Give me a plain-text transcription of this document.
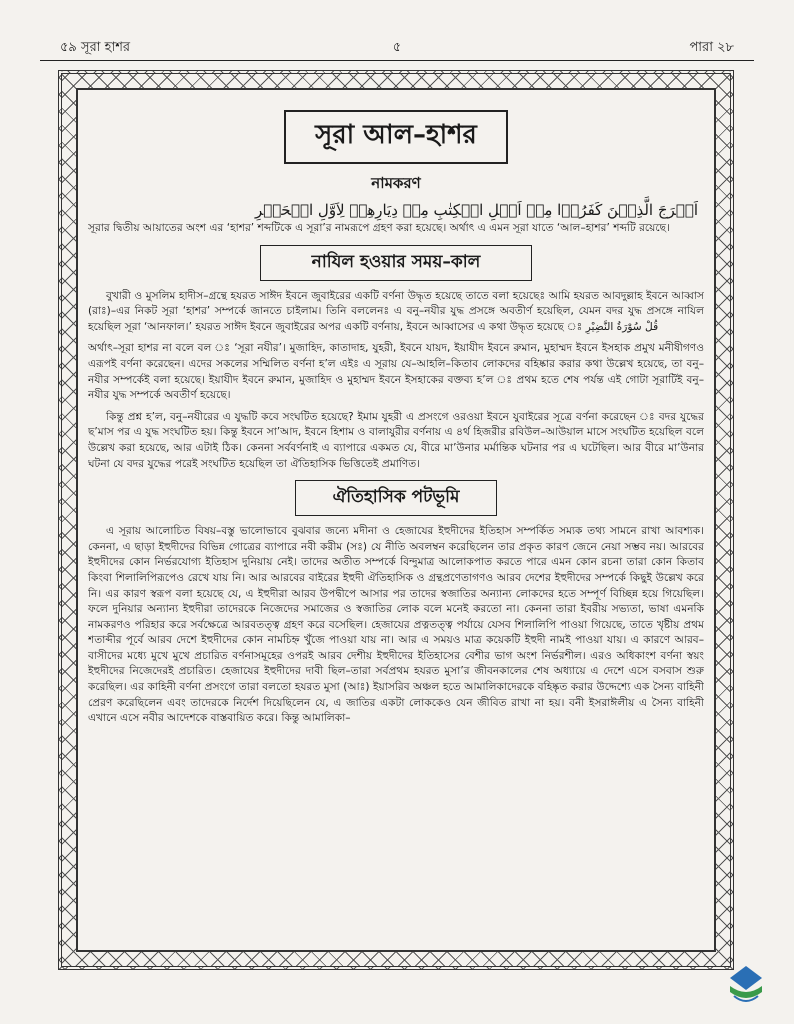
৫৯ সূরা হাশর	৫	পারা ২৮
সূরা আল–হাশর
নামকরণ
اَخۡرَجَ الَّذِیۡنَ كَفَرُوۡا مِنۡ اَهۡلِ الۡكِتٰبِ مِنۡ دِیَارِهِمۡ لِاَوَّلِ الۡحَشۡرِ

সূরার দ্বিতীয় আয়াতের অংশ এর ‘হাশর’ শব্দটিকে এ সূরা’র নামরূপে গ্রহণ করা হয়েছে। অর্থাৎ এ এমন সূরা যাতে ‘আল–হাশর’ শব্দটি রয়েছে।

নাযিল হওয়ার সময়–কাল

বুখারী ও মুসলিম হাদীস–গ্রন্থে হযরত সাঈদ ইবনে জুবাইরের একটি বর্ণনা উদ্ধৃত হয়েছে তাতে বলা হয়েছেঃ আমি হযরত আবদুল্লাহ ইবনে আব্বাস (রাঃ)–এর নিকট সূরা ‘হাশর’ সম্পর্কে জানতে চাইলাম। তিনি বললেনঃ এ বনু–নযীর যুদ্ধ প্রসঙ্গে অবতীর্ণ হয়েছিল, যেমন বদর যুদ্ধ প্রসঙ্গে নাযিল হয়েছিল সূরা ‘আনফাল।’ হযরত সাঈদ ইবনে জুবাইরের অপর একটি বর্ণনায়, ইবনে আব্বাসের এ কথা উদ্ধৃত হয়েছে ঃ قُلْ سُوْرَةُ النَّضِيْرِ

অর্থাৎ–সূরা হাশর না বলে বল ঃ ‘সূরা নযীর’। মুজাহিদ, কাতাদাহ, যুহরী, ইবনে যায়দ, ইয়াযীদ ইবনে রুমান, মুহাম্মদ ইবনে ইসহাক প্রমুখ মনীষীগণও এরূপই বর্ণনা করেছেন। এদের সকলের সম্মিলিত বর্ণনা হ’ল এইঃ এ সূরায় যে–আহলি–কিতাব লোকদের বহিষ্কার করার কথা উল্লেখ হয়েছে, তা বনু–নযীর সম্পর্কেই বলা হয়েছে। ইয়াযীদ ইবনে রুমান, মুজাহিদ ও মুহাম্মদ ইবনে ইসহাকের বক্তব্য হ’ল ঃ প্রথম হতে শেষ পর্যন্ত এই গোটা সূরাটিই বনু–নযীর যুদ্ধ সম্পর্কে অবতীর্ণ হয়েছে।

কিন্তু প্রশ্ন হ’ল, বনু–নযীরের এ যুদ্ধটি কবে সংঘটিত হয়েছে? ইমাম যুহরী এ প্রসংগে ওরওয়া ইবনে যুবাইরের সূত্রে বর্ণনা করেছেন ঃ বদর যুদ্ধের ছ’মাস পর এ যুদ্ধ সংঘটিত হয়। কিন্তু ইবনে সা’আদ, ইবনে হিশাম ও বালাযুরীর বর্ণনায় এ ৪র্থ হিজরীর রবিউল–আউয়াল মাসে সংঘটিত হয়েছিল বলে উল্লেখ করা হয়েছে, আর এটাই ঠিক। কেননা সর্ববর্ণনাই এ ব্যাপারে একমত যে, বীরে মা’উনার মর্মান্তিক ঘটনার পর এ ঘটেছিল। আর বীরে মা’উনার ঘটনা যে বদর যুদ্ধের পরেই সংঘটিত হয়েছিল তা ঐতিহাসিক ভিত্তিতেই প্রমাণিত।

ঐতিহাসিক পটভূমি

এ সূরায় আলোচিত বিষয়–বস্তু ভালোভাবে বুঝবার জন্যে মদীনা ও হেজাযের ইহুদীদের ইতিহাস সম্পর্কিত সম্যক তথ্য সামনে রাখা আবশ্যক। কেননা, এ ছাড়া ইহুদীদের বিভিন্ন গোত্রের ব্যাপারে নবী করীম (সঃ) যে নীতি অবলম্বন করেছিলেন তার প্রকৃত কারণ জেনে নেয়া সম্ভব নয়। আরবের ইহুদীদের কোন নির্ভরযোগ্য ইতিহাস দুনিয়ায় নেই। তাদের অতীত সম্পর্কে বিন্দুমাত্র আলোকপাত করতে পারে এমন কোন রচনা তারা কোন কিতাব কিংবা শিলালিপিরূপেও রেখে যায় নি। আর আরবের বাইরের ইহুদী ঐতিহাসিক ও গ্রন্থপ্রণেতাগণও আরব দেশের ইহুদীদের সম্পর্কে কিছুই উল্লেখ করে নি। এর কারণ স্বরূপ বলা হয়েছে যে, এ ইহুদীরা আরব উপদ্বীপে আসার পর তাদের স্বজাতির অন্যান্য লোকদের হতে সম্পূর্ণ বিচ্ছিন্ন হয়ে গিয়েছিল। ফলে দুনিয়ার অন্যান্য ইহুদীরা তাদেরকে নিজেদের সমাজের ও স্বজাতির লোক বলে মনেই করতো না। কেননা তারা ইবরীয় সভ্যতা, ভাষা এমনকি নামকরণও পরিহার করে সর্বক্ষেত্রে আরবতত্ত্ব গ্রহণ করে বসেছিল। হেজাযের প্রত্নতত্ত্ব পর্যায়ে যেসব শিলালিপি পাওয়া গিয়েছে, তাতে খৃষ্টীয় প্রথম শতাব্দীর পূর্বে আরব দেশে ইহুদীদের কোন নামচিহ্ন খুঁজে পাওয়া যায় না। আর এ সময়ও মাত্র কয়েকটি ইহুদী নামই পাওয়া যায়। এ কারণে আরব–বাসীদের মধ্যে মুখে মুখে প্রচারিত বর্ণনাসমূহের ওপরই আরব দেশীয় ইহুদীদের ইতিহাসের বেশীর ভাগ অংশ নির্ভরশীল। এরও অধিকাংশ বর্ণনা স্বয়ং ইহুদীদের নিজেদেরই প্রচারিত। হেজাযের ইহুদীদের দাবী ছিল–তারা সর্বপ্রথম হযরত মুসা’র জীবনকালের শেষ অধ্যায়ে এ দেশে এসে বসবাস শুরু করেছিল। এর কাহিনী বর্ণনা প্রসংগে তারা বলতো হযরত মুসা (আঃ) ইয়াসরিব অঞ্চল হতে আমালিকাদেরকে বহিষ্কৃত করার উদ্দেশ্যে এক সৈন্য বাহিনী প্রেরণ করেছিলেন এবং তাদেরকে নির্দেশ দিয়েছিলেন যে, এ জাতির একটা লোককেও যেন জীবিত রাখা না হয়। বনী ইসরাঈলীয় এ সৈন্য বাহিনী এখানে এসে নবীর আদেশকে বাস্তবায়িত করে। কিন্তু আমালিকা–
